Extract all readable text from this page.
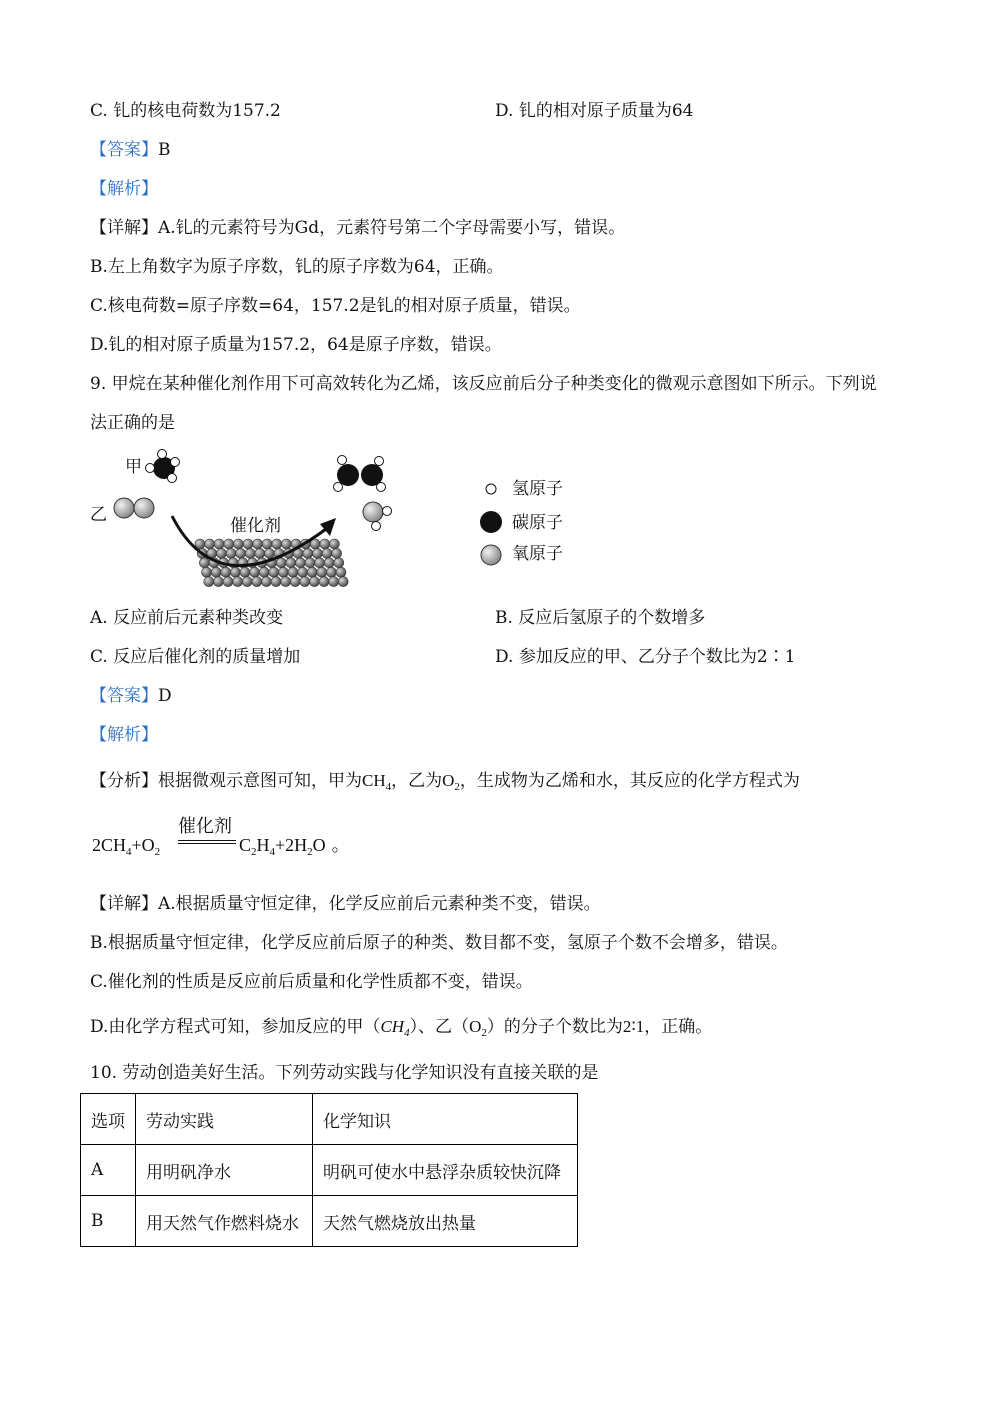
C. 钆的核电荷数为157.2	D. 钆的相对原子质量为64
【答案】B
【解析】
【详解】A.钆的元素符号为Gd，元素符号第二个字母需要小写，错误。
B.左上角数字为原子序数，钆的原子序数为64，正确。
C.核电荷数=原子序数=64，157.2是钆的相对原子质量，错误。
D.钆的相对原子质量为157.2，64是原子序数，错误。
9. 甲烷在某种催化剂作用下可高效转化为乙烯，该反应前后分子种类变化的微观示意图如下所示。下列说
法正确的是
甲
乙
催化剂
氢原子
碳原子
氧原子
A. 反应前后元素种类改变	B. 反应后氢原子的个数增多
C. 反应后催化剂的质量增加	D. 参加反应的甲、乙分子个数比为2∶1
【答案】D
【解析】
【分析】根据微观示意图可知，甲为$CH_4$，乙为$O_2$，生成物为乙烯和水，其反应的化学方程式为
$2CH_4+O_2$
催化剂
$C_2H_4+2H_2O$ 。
【详解】A.根据质量守恒定律，化学反应前后元素种类不变，错误。
B.根据质量守恒定律，化学反应前后原子的种类、数目都不变，氢原子个数不会增多，错误。
C.催化剂的性质是反应前后质量和化学性质都不变，错误。
D.由化学方程式可知，参加反应的甲$(CH_4)$、乙$(O_2)$的分子个数比为2∶1，正确。
10. 劳动创造美好生活。下列劳动实践与化学知识没有直接关联的是
选项	劳动实践	化学知识
A	用明矾净水	明矾可使水中悬浮杂质较快沉降
B	用天然气作燃料烧水	天然气燃烧放出热量
